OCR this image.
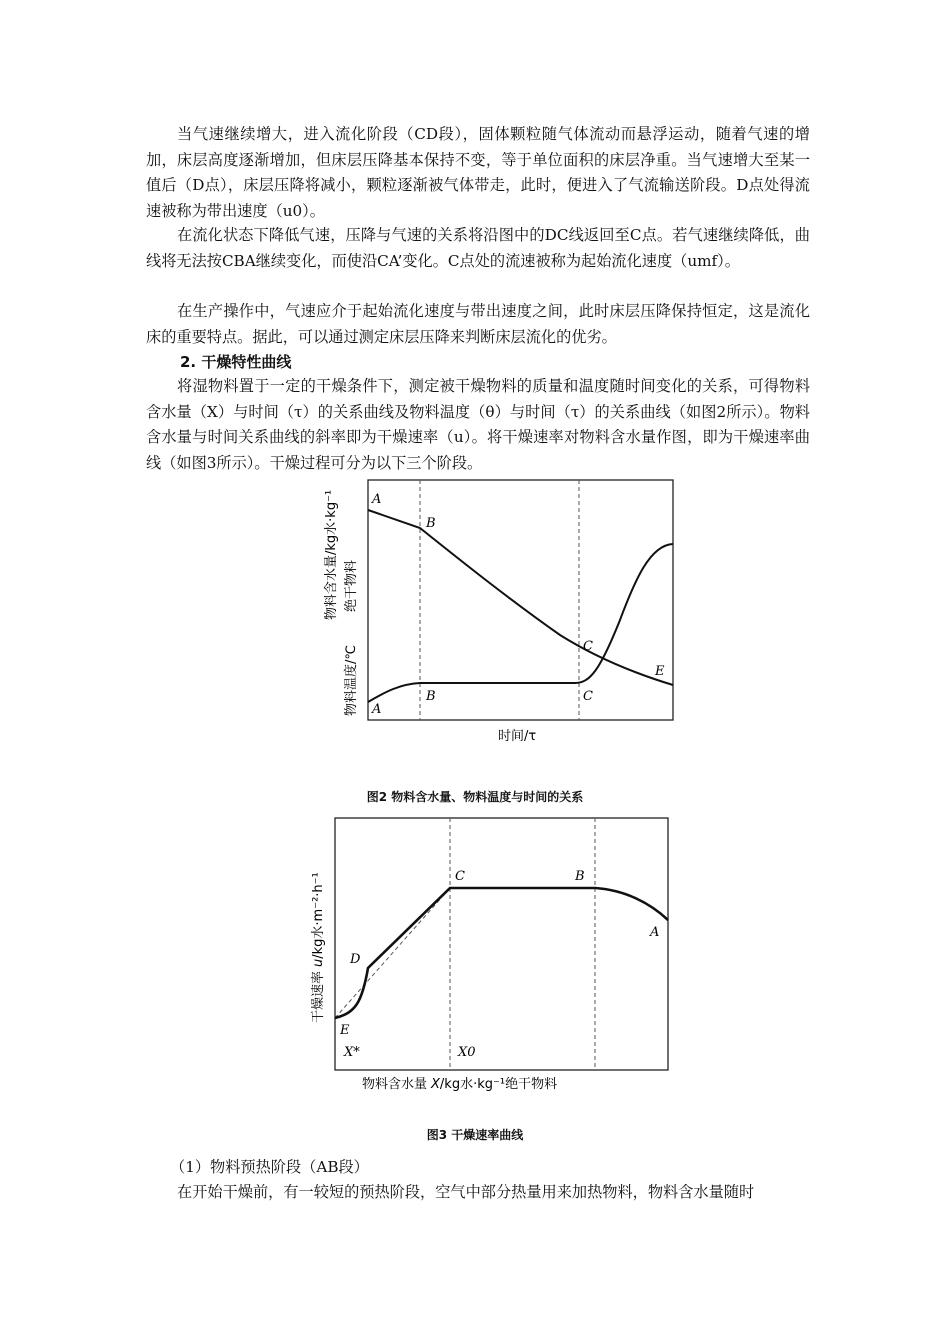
当气速继续增大，进入流化阶段（CD段），固体颗粒随气体流动而悬浮运动，随着气速的增加，床层高度逐渐增加，但床层压降基本保持不变，等于单位面积的床层净重。当气速增大至某一值后（D点），床层压降将减小，颗粒逐渐被气体带走，此时，便进入了气流输送阶段。D点处得流速被称为带出速度（u0）。

在流化状态下降低气速，压降与气速的关系将沿图中的DC线返回至C点。若气速继续降低，曲线将无法按CBA继续变化，而使沿CA’变化。C点处的流速被称为起始流化速度（umf）。

在生产操作中，气速应介于起始流化速度与带出速度之间，此时床层压降保持恒定，这是流化床的重要特点。据此，可以通过测定床层压降来判断床层流化的优劣。

2. 干燥特性曲线

将湿物料置于一定的干燥条件下，测定被干燥物料的质量和温度随时间变化的关系，可得物料含水量（X）与时间（τ）的关系曲线及物料温度（θ）与时间（τ）的关系曲线（如图2所示）。物料含水量与时间关系曲线的斜率即为干燥速率（u）。将干燥速率对物料含水量作图，即为干燥速率曲线（如图3所示）。干燥过程可分为以下三个阶段。

A
B
C
E
A
B	C
物料含水量/kg水·kg⁻¹ 绝干物料
物料温度/℃
时间/τ

图2 物料含水量、物料温度与时间的关系

C	B
A
D
E
X*	X0
干燥速率u/kg水·m⁻²·h⁻¹
物料含水量 X/kg水·kg⁻¹绝干物料

图3 干燥速率曲线

（1）物料预热阶段（AB段）

在开始干燥前，有一较短的预热阶段，空气中部分热量用来加热物料，物料含水量随时
